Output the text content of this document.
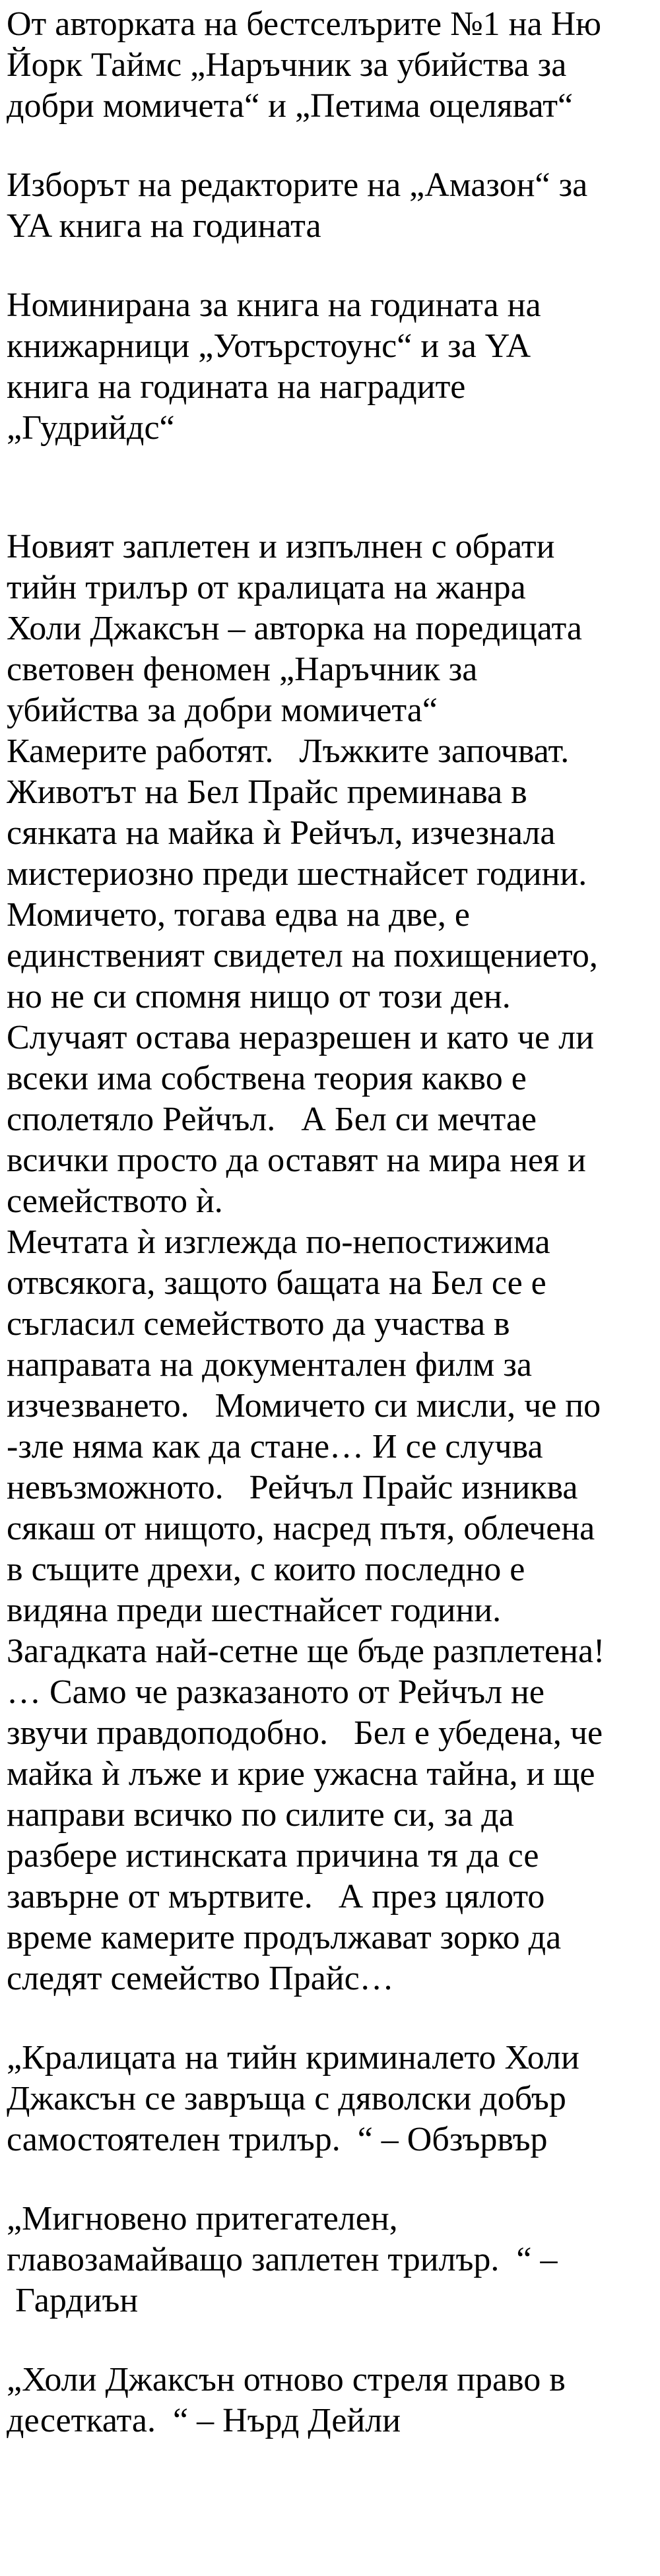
От авторката на бестселърите №1 на Ню
Йорк Таймс „Наръчник за убийства за
добри момичета“ и „Петима оцеляват“
Изборът на редакторите на „Амазон“ за
YA книга на годината
Номинирана за книга на годината на
книжарници „Уотърстоунс“ и за YA
книга на годината на наградите
„Гудрийдс“
Новият заплетен и изпълнен с обрати
тийн трилър от кралицата на жанра
Холи Джаксън – авторка на поредицата
световен феномен „Наръчник за
убийства за добри момичета“
Камерите работят.   Лъжките започват.
Животът на Бел Прайс преминава в
сянката на майка ѝ Рейчъл, изчезнала
мистериозно преди шестнайсет години.
Момичето, тогава едва на две, е
единственият свидетел на похищението,
но не си спомня нищо от този ден.
Случаят остава неразрешен и като че ли
всеки има собствена теория какво е
сполетяло Рейчъл.   А Бел си мечтае
всички просто да оставят на мира нея и
семейството ѝ.
Мечтата ѝ изглежда по-непостижима
отвсякога, защото бащата на Бел се е
съгласил семейството да участва в
направата на документален филм за
изчезването.   Момичето си мисли, че по
-зле няма как да стане… И се случва
невъзможното.   Рейчъл Прайс изниква
сякаш от нищото, насред пътя, облечена
в същите дрехи, с които последно е
видяна преди шестнайсет години.
Загадката най-сетне ще бъде разплетена!
… Само че разказаното от Рейчъл не
звучи правдоподобно.   Бел е убедена, че
майка ѝ лъже и крие ужасна тайна, и ще
направи всичко по силите си, за да
разбере истинската причина тя да се
завърне от мъртвите.   А през цялото
време камерите продължават зорко да
следят семейство Прайс…
„Кралицата на тийн криминалето Холи
Джаксън се завръща с дяволски добър
самостоятелен трилър.  “ – Обзървър
„Мигновено притегателен,
главозамайващо заплетен трилър.  “ –
Гардиън
„Холи Джаксън отново стреля право в
десетката.  “ – Нърд Дейли
